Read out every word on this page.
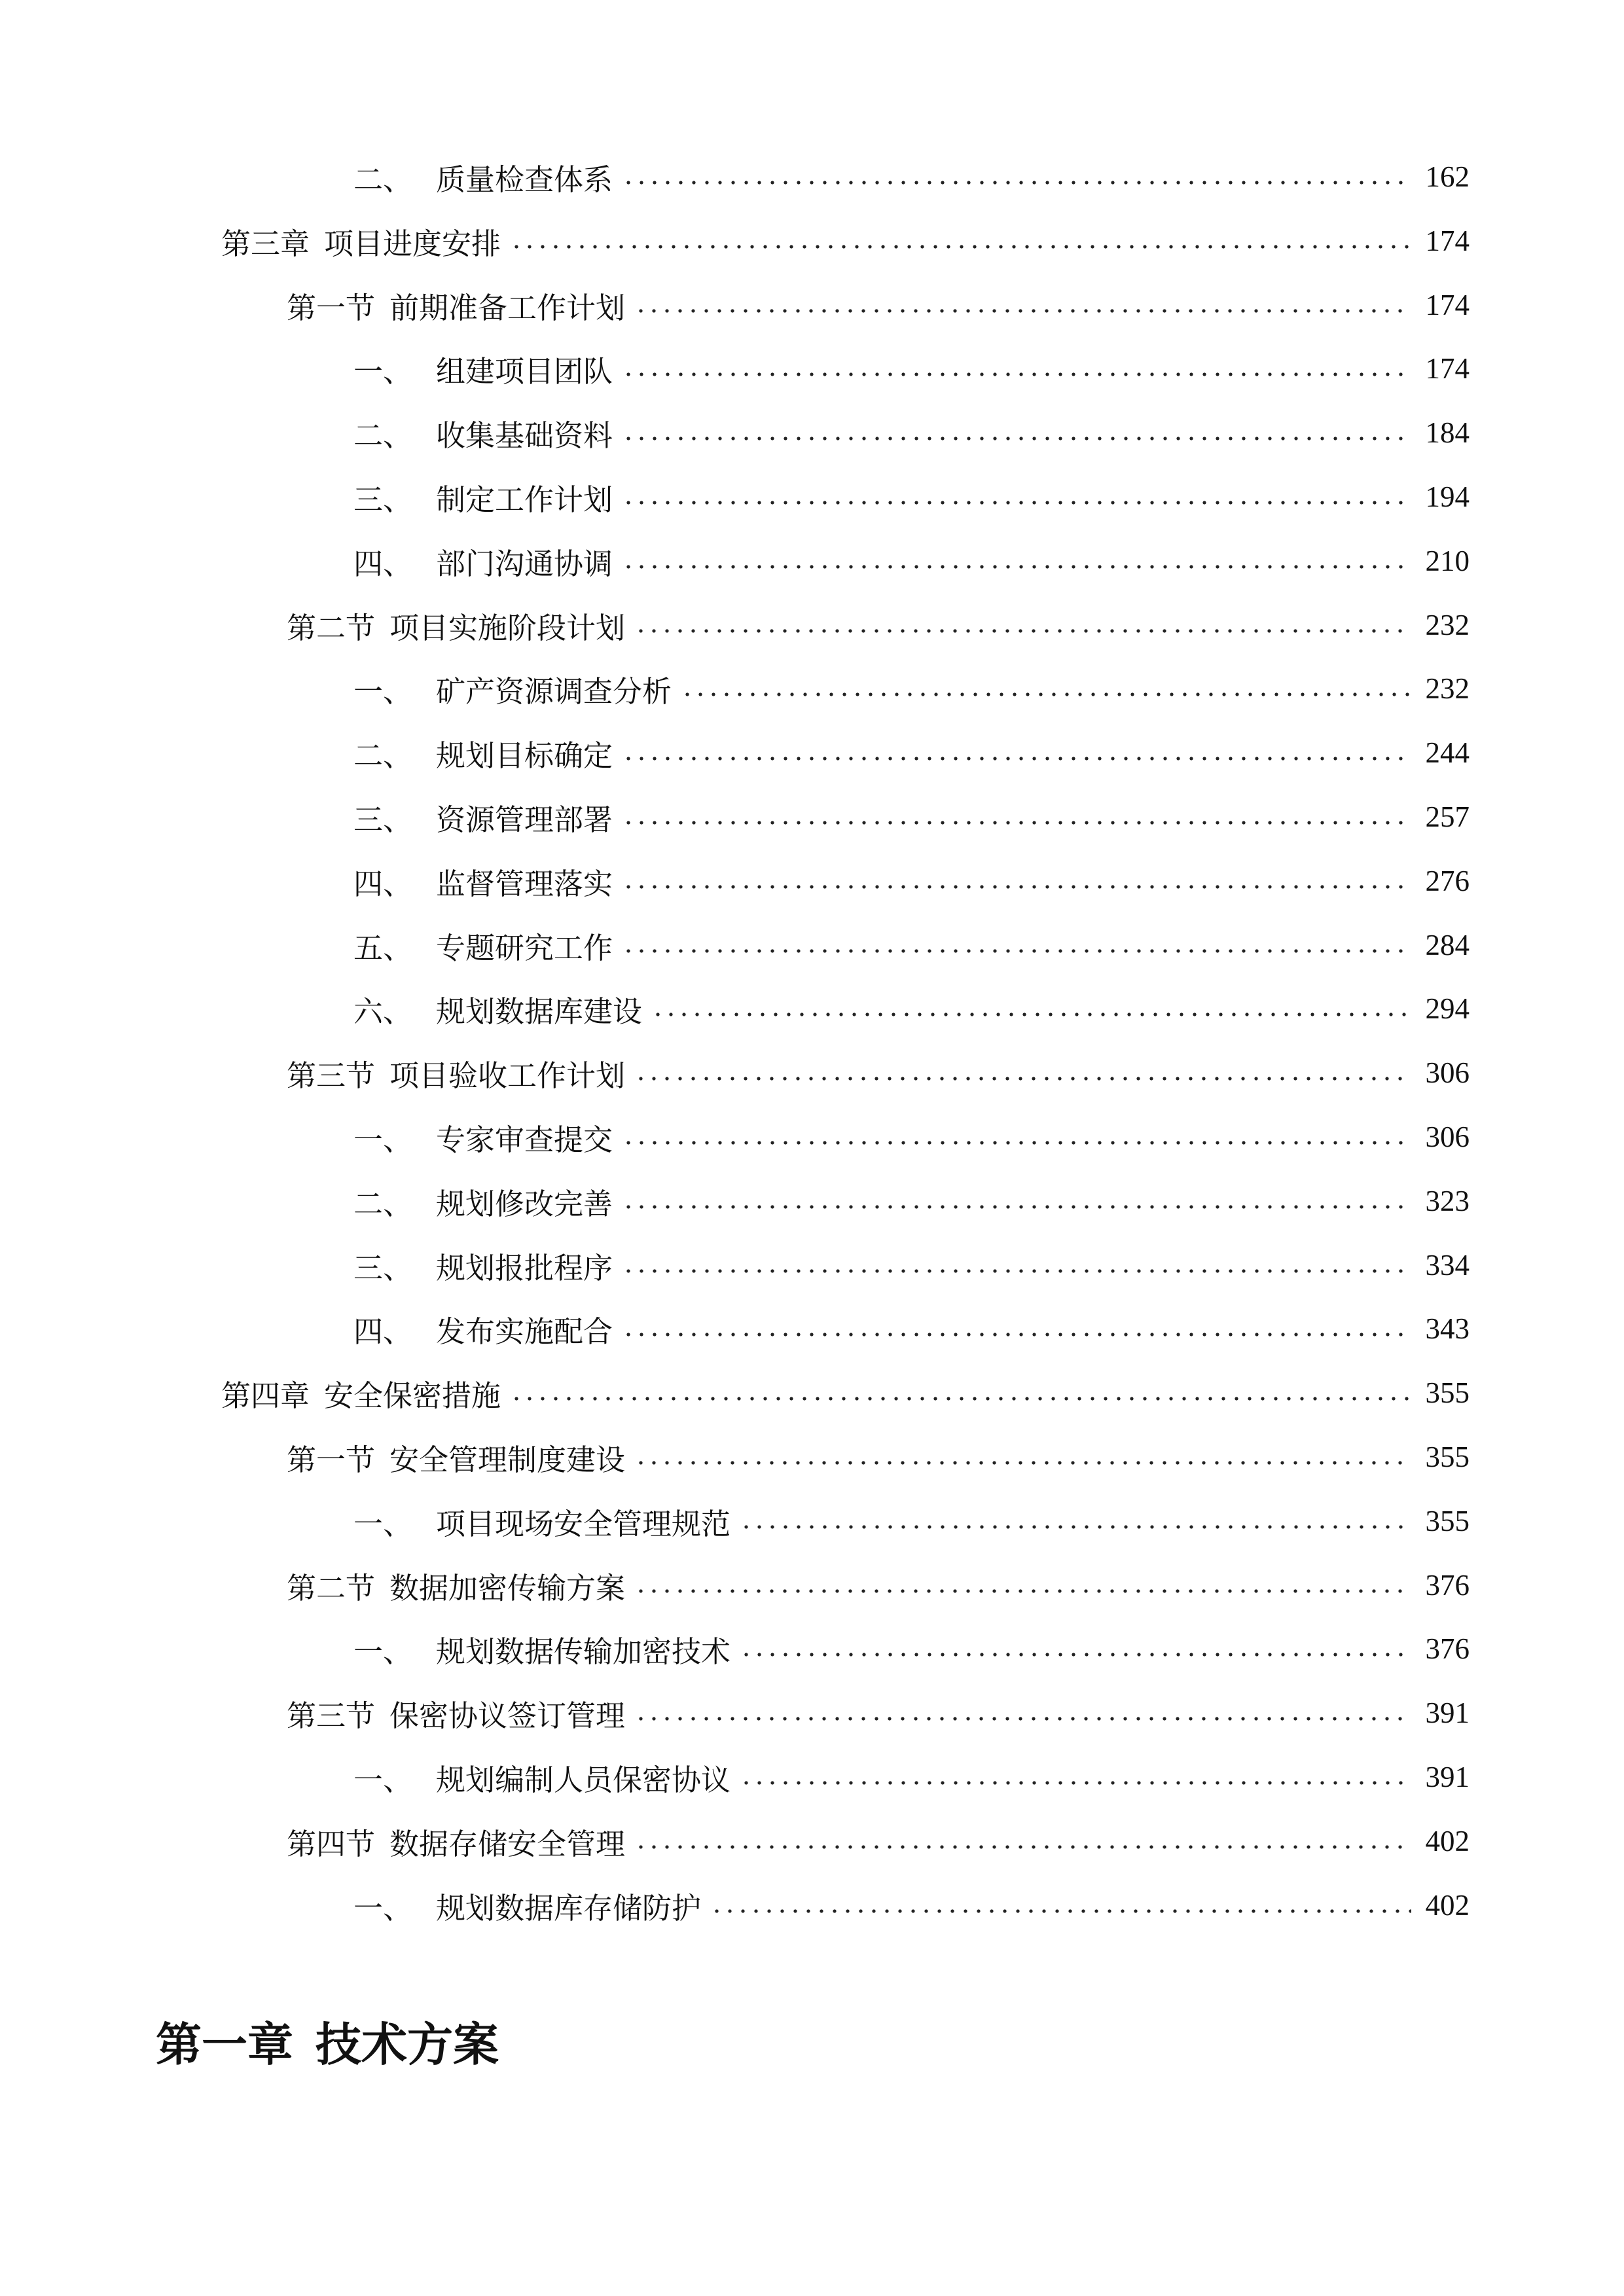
二、 质量检查体系	162
第三章 项目进度安排	174
第一节 前期准备工作计划	174
一、 组建项目团队	174
二、 收集基础资料	184
三、 制定工作计划	194
四、 部门沟通协调	210
第二节 项目实施阶段计划	232
一、 矿产资源调查分析	232
二、 规划目标确定	244
三、 资源管理部署	257
四、 监督管理落实	276
五、 专题研究工作	284
六、 规划数据库建设	294
第三节 项目验收工作计划	306
一、 专家审查提交	306
二、 规划修改完善	323
三、 规划报批程序	334
四、 发布实施配合	343
第四章 安全保密措施	355
第一节 安全管理制度建设	355
一、 项目现场安全管理规范	355
第二节 数据加密传输方案	376
一、 规划数据传输加密技术	376
第三节 保密协议签订管理	391
一、 规划编制人员保密协议	391
第四节 数据存储安全管理	402
一、 规划数据库存储防护	402
第一章 技术方案
